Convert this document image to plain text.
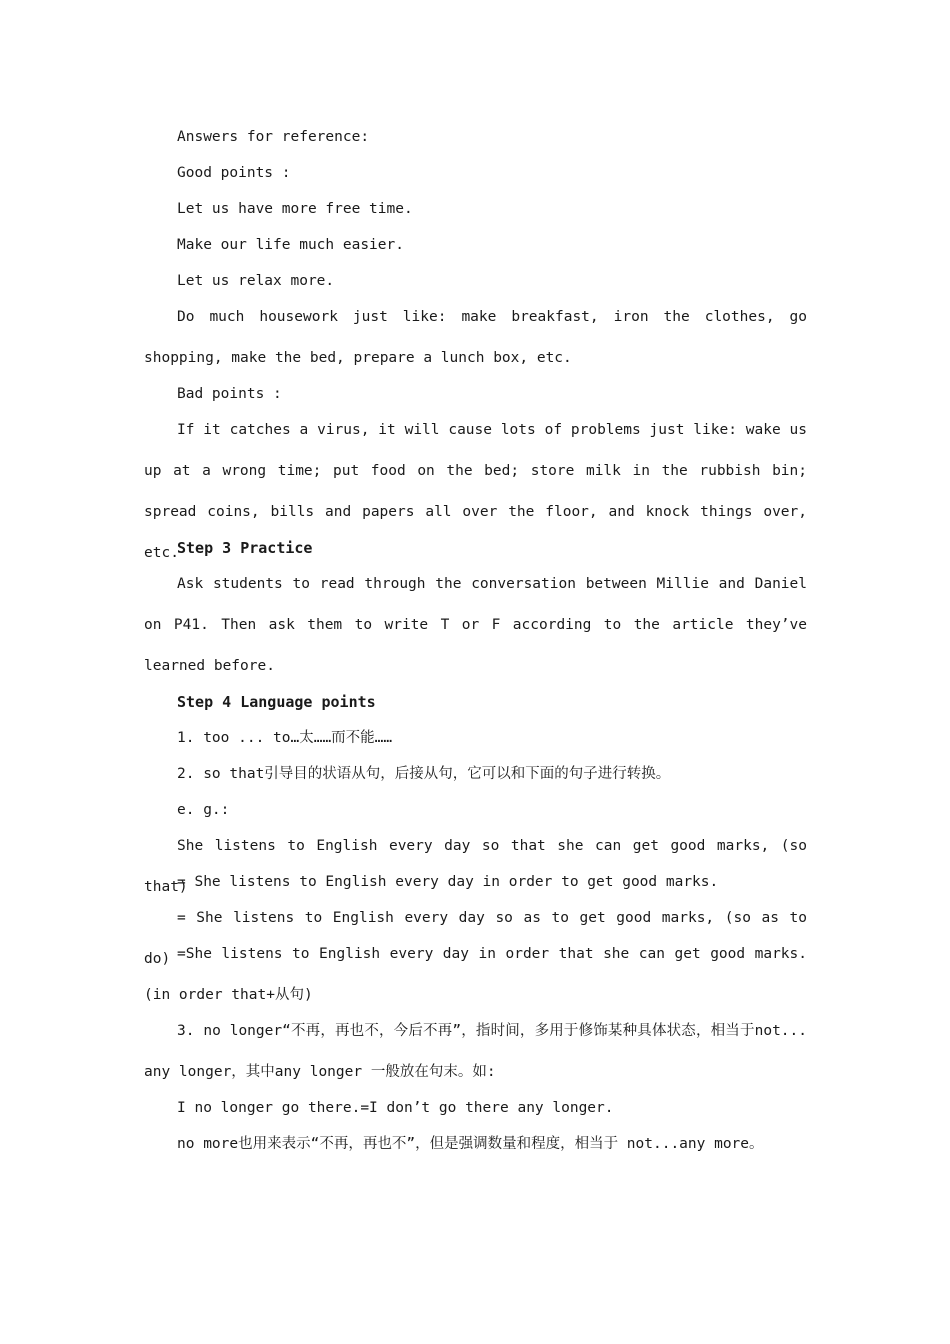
Answers for reference:

Good points :

Let us have more free time.

Make our life much easier.

Let us relax more.

Do much housework just like: make breakfast, iron the clothes, go shopping, make the bed, prepare a lunch box, etc.

Bad points :

If it catches a virus, it will cause lots of problems just like: wake us up at a wrong time; put food on the bed; store milk in the rubbish bin; spread coins, bills and papers all over the floor, and knock things over, etc.

Step 3 Practice

Ask students to read through the conversation between Millie and Daniel on P41. Then ask them to write T or F according to the article they’ve learned before.

Step 4 Language points

1. too ... to…太……而不能……

2. so that引导目的状语从句，后接从句，它可以和下面的句子进行转换。

e. g.:

She listens to English every day so that she can get good marks, (so that)

= She listens to English every day in order to get good marks.

= She listens to English every day so as to get good marks, (so as to do) =She listens to English every day in order that she can get good marks. (in order that+从句)

3. no longer“不再，再也不，今后不再”，指时间，多用于修饰某种具体状态，相当于not... any longer，其中any longer 一般放在句末。如:

I no longer go there.=I don’t go there any longer.

no more也用来表示“不再，再也不”，但是强调数量和程度，相当于 not...any more。
